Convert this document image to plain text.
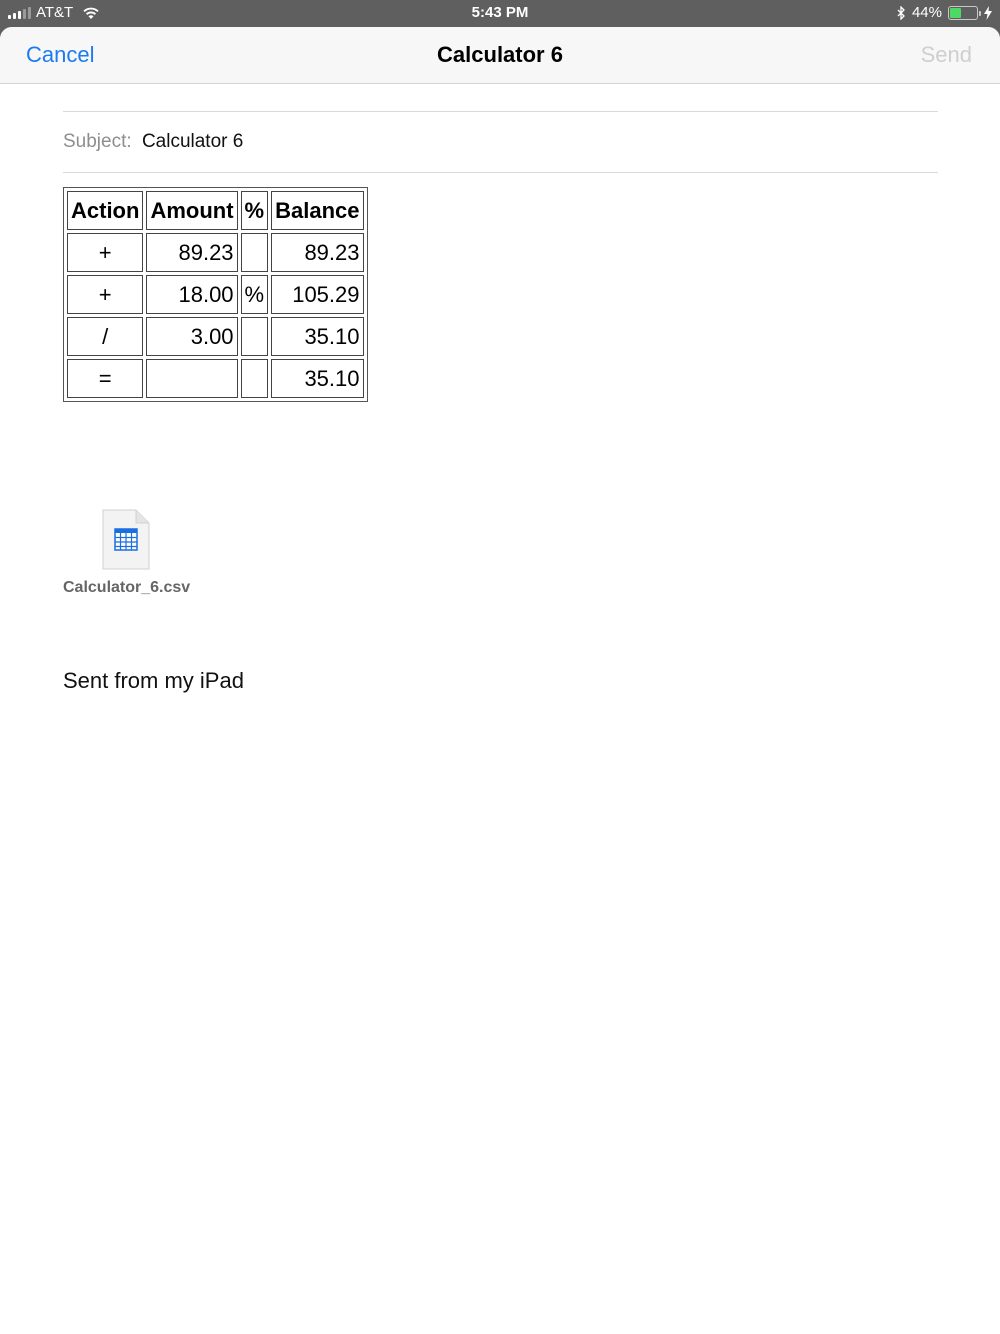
AT&T	5:43 PM	44%
Cancel	Calculator 6	Send
Subject: Calculator 6
Action	Amount	%	Balance
+	89.23		89.23
+	18.00	%	105.29
/	3.00		35.10
=			35.10
Calculator_6.csv
Sent from my iPad
